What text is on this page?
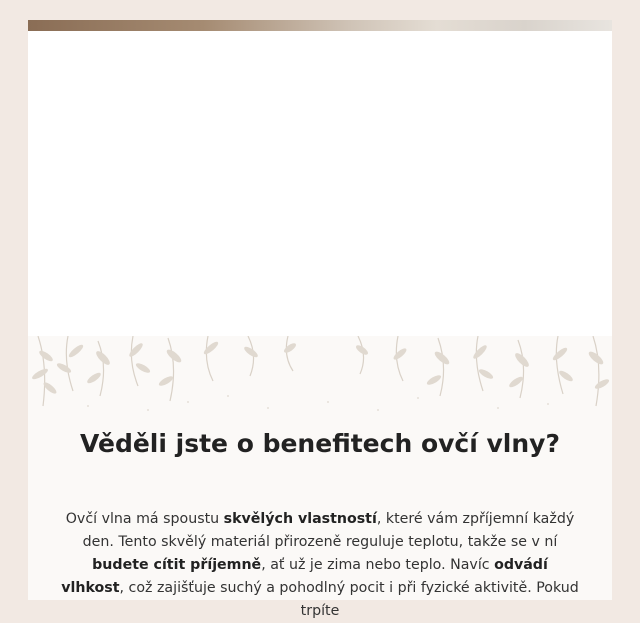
Věděli jste o benefitech ovčí vlny?

Ovčí vlna má spoustu skvělých vlastností, které vám zpříjemní každý den. Tento skvělý materiál přirozeně reguluje teplotu, takže se v ní budete cítit příjemně, ať už je zima nebo teplo. Navíc odvádí vlhkost, což zajišťuje suchý a pohodlný pocit i při fyzické aktivitě. Pokud trpíte
